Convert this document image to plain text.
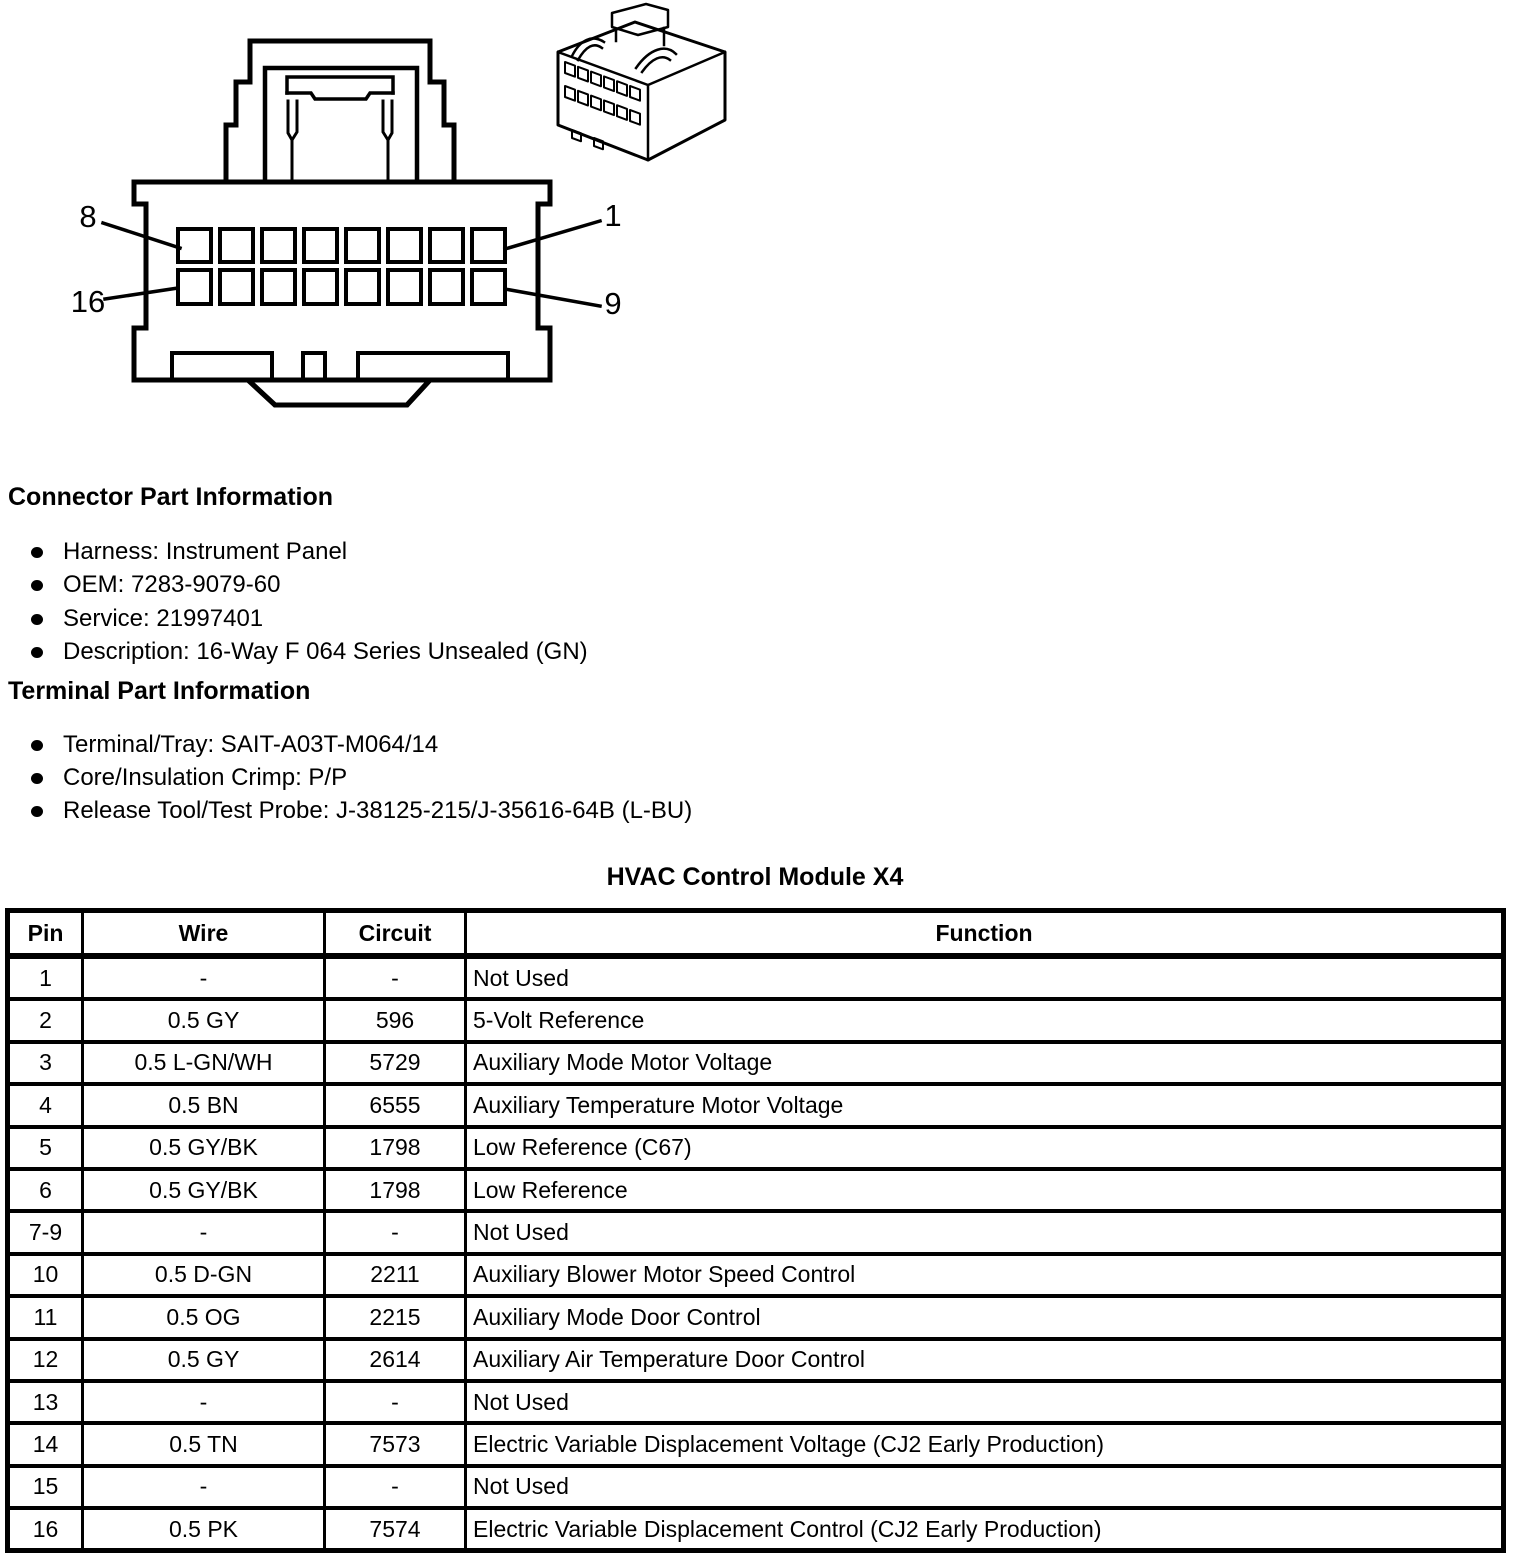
8	1
16	9
Connector Part Information
Harness: Instrument Panel
OEM: 7283-9079-60
Service: 21997401
Description: 16-Way F 064 Series Unsealed (GN)
Terminal Part Information
Terminal/Tray: SAIT-A03T-M064/14
Core/Insulation Crimp: P/P
Release Tool/Test Probe: J-38125-215/J-35616-64B (L-BU)
HVAC Control Module X4
Pin	Wire	Circuit	Function
1	-	-	Not Used
2	0.5 GY	596	5-Volt Reference
3	0.5 L-GN/WH	5729	Auxiliary Mode Motor Voltage
4	0.5 BN	6555	Auxiliary Temperature Motor Voltage
5	0.5 GY/BK	1798	Low Reference (C67)
6	0.5 GY/BK	1798	Low Reference
7-9	-	-	Not Used
10	0.5 D-GN	2211	Auxiliary Blower Motor Speed Control
11	0.5 OG	2215	Auxiliary Mode Door Control
12	0.5 GY	2614	Auxiliary Air Temperature Door Control
13	-	-	Not Used
14	0.5 TN	7573	Electric Variable Displacement Voltage (CJ2 Early Production)
15	-	-	Not Used
16	0.5 PK	7574	Electric Variable Displacement Control (CJ2 Early Production)
